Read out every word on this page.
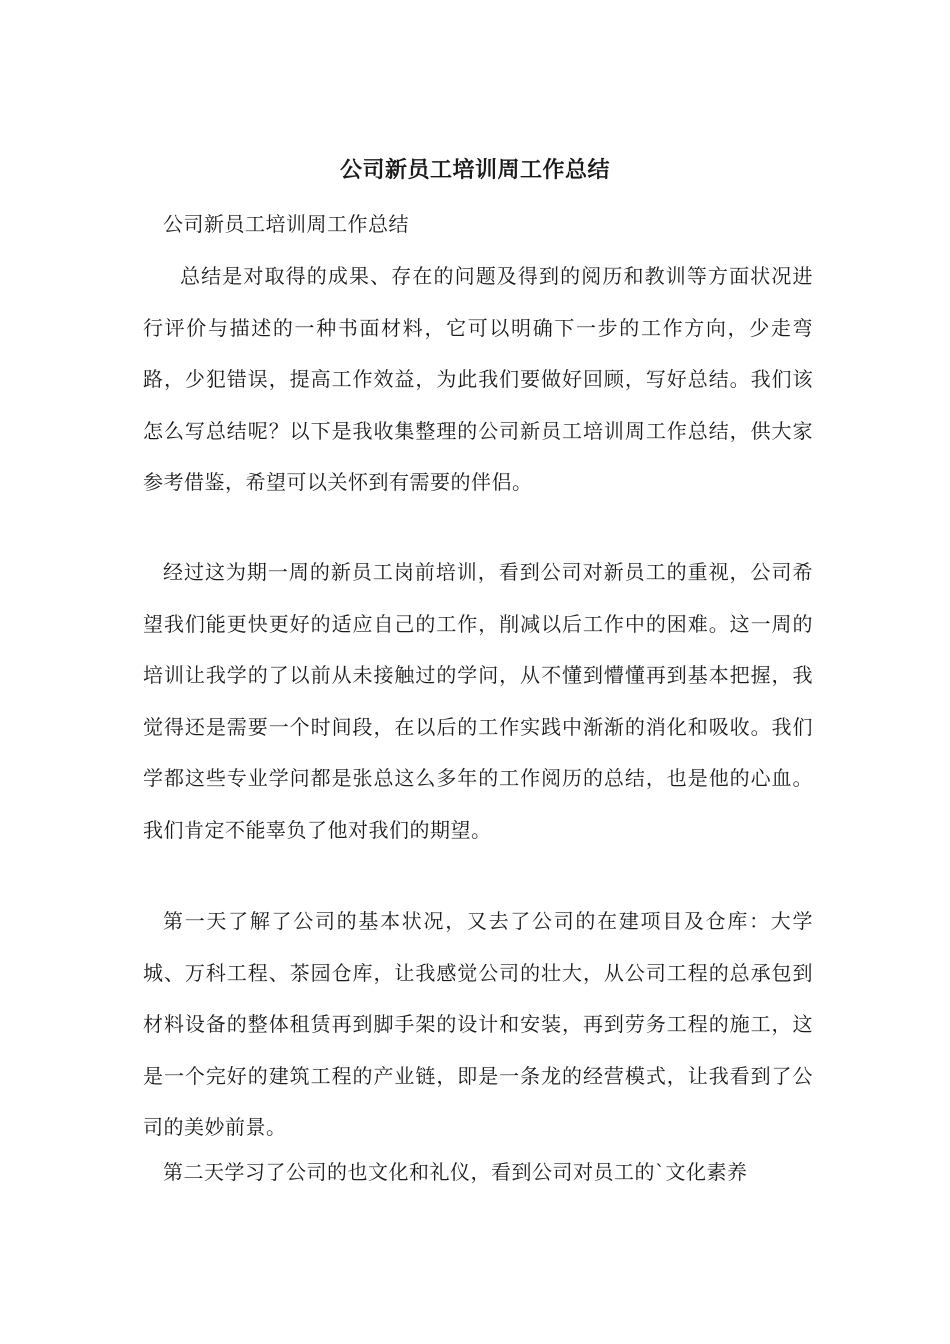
公司新员工培训周工作总结
公司新员工培训周工作总结

总结是对取得的成果、存在的问题及得到的阅历和教训等方面状况进行评价与描述的一种书面材料，它可以明确下一步的工作方向，少走弯路，少犯错误，提高工作效益，为此我们要做好回顾，写好总结。我们该怎么写总结呢？以下是我收集整理的公司新员工培训周工作总结，供大家参考借鉴，希望可以关怀到有需要的伴侣。

经过这为期一周的新员工岗前培训，看到公司对新员工的重视，公司希望我们能更快更好的适应自己的工作，削减以后工作中的困难。这一周的培训让我学的了以前从未接触过的学问，从不懂到懵懂再到基本把握，我觉得还是需要一个时间段，在以后的工作实践中渐渐的消化和吸收。我们学都这些专业学问都是张总这么多年的工作阅历的总结，也是他的心血。我们肯定不能辜负了他对我们的期望。

第一天了解了公司的基本状况，又去了公司的在建项目及仓库：大学城、万科工程、茶园仓库，让我感觉公司的壮大，从公司工程的总承包到材料设备的整体租赁再到脚手架的设计和安装，再到劳务工程的施工，这是一个完好的建筑工程的产业链，即是一条龙的经营模式，让我看到了公司的美妙前景。

第二天学习了公司的也文化和礼仪，看到公司对员工的`文化素养
